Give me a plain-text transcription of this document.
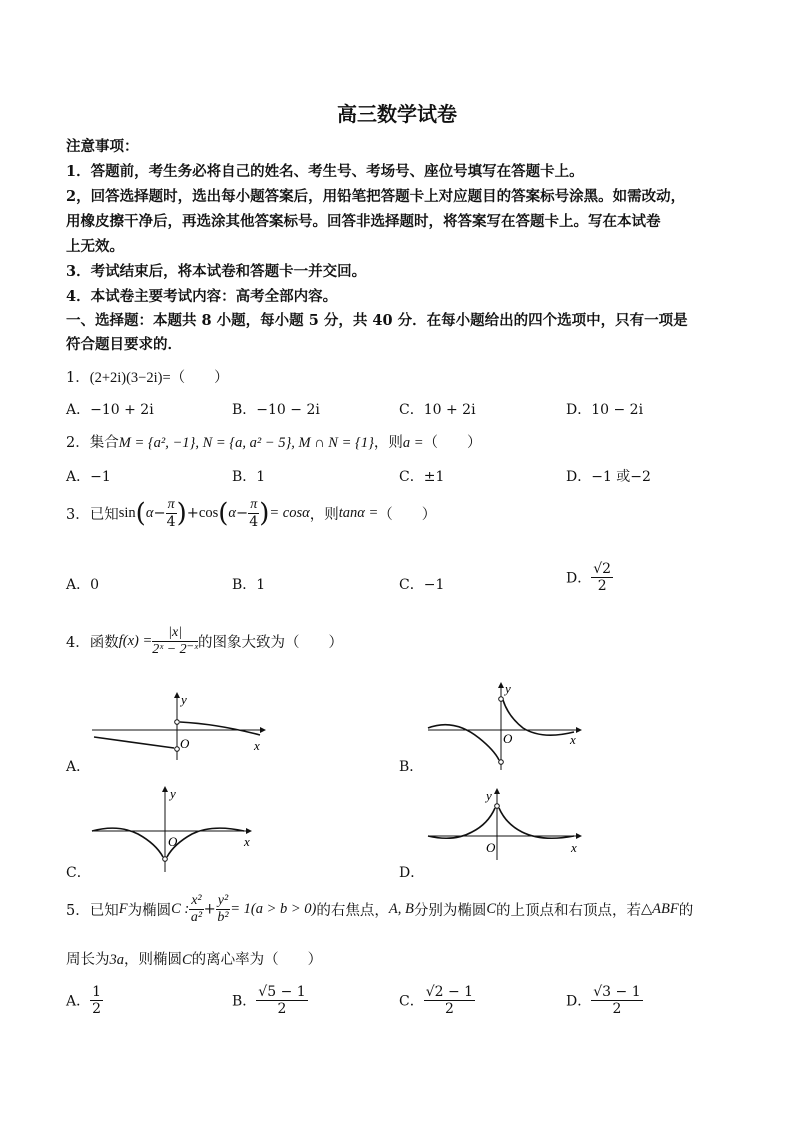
高三数学试卷
注意事项：
1．答题前，考生务必将自己的姓名、考生号、考场号、座位号填写在答题卡上。
2，回答选择题时，选出每小题答案后，用铅笔把答题卡上对应题目的答案标号涂黑。如需改动，
用橡皮擦干净后，再选涂其他答案标号。回答非选择题时，将答案写在答题卡上。写在本试卷
上无效。
3．考试结束后，将本试卷和答题卡一并交回。
4．本试卷主要考试内容：高考全部内容。
一、选择题：本题共 8 小题，每小题 5 分，共 40 分．在每小题给出的四个选项中，只有一项是
符合题目要求的．
1．(2+2i)(3−2i)=（　　）
A．−10 + 2i	B．−10 − 2i	C．10 + 2i	D．10 − 2i
2．集合M = {a², −1}, N = {a, a² − 5}, M ∩ N = {1}，则a =（　　）
A．−1	B．1	C．±1	D．−1 或−2
3．已知$\sin(\alpha- \frac{\pi}{4} )+\cos(\alpha- \frac{\pi}{4}$ )= cosα，则tanα =（　　）
A．0	B．1	C．−1	D． $\frac{√2}{2}$
4．函数$f(x) = \frac{|x|}{\text{2ˣ − 2⁻ˣ}}$ 的图象大致为（　　）
y
O	x
A．
y
O	x
B．
y
O	x
C．
y
O	x
D．
5．已知F为椭圆C : $\frac{\text{x²}}{\text{a²}} + \frac{\text{y²}}{\text{b²}} = 1(a > b > 0)$的右焦点，A, B分别为椭圆C的上顶点和右顶点，若△ABF的
周长为3a，则椭圆C的离心率为（　　）
A． $\frac{1}{2}$	B． $\frac{√5 - 1}{2}$	C． $\frac{√2 - 1}{2}$	D． $\frac{√3 - 1}{2}$
